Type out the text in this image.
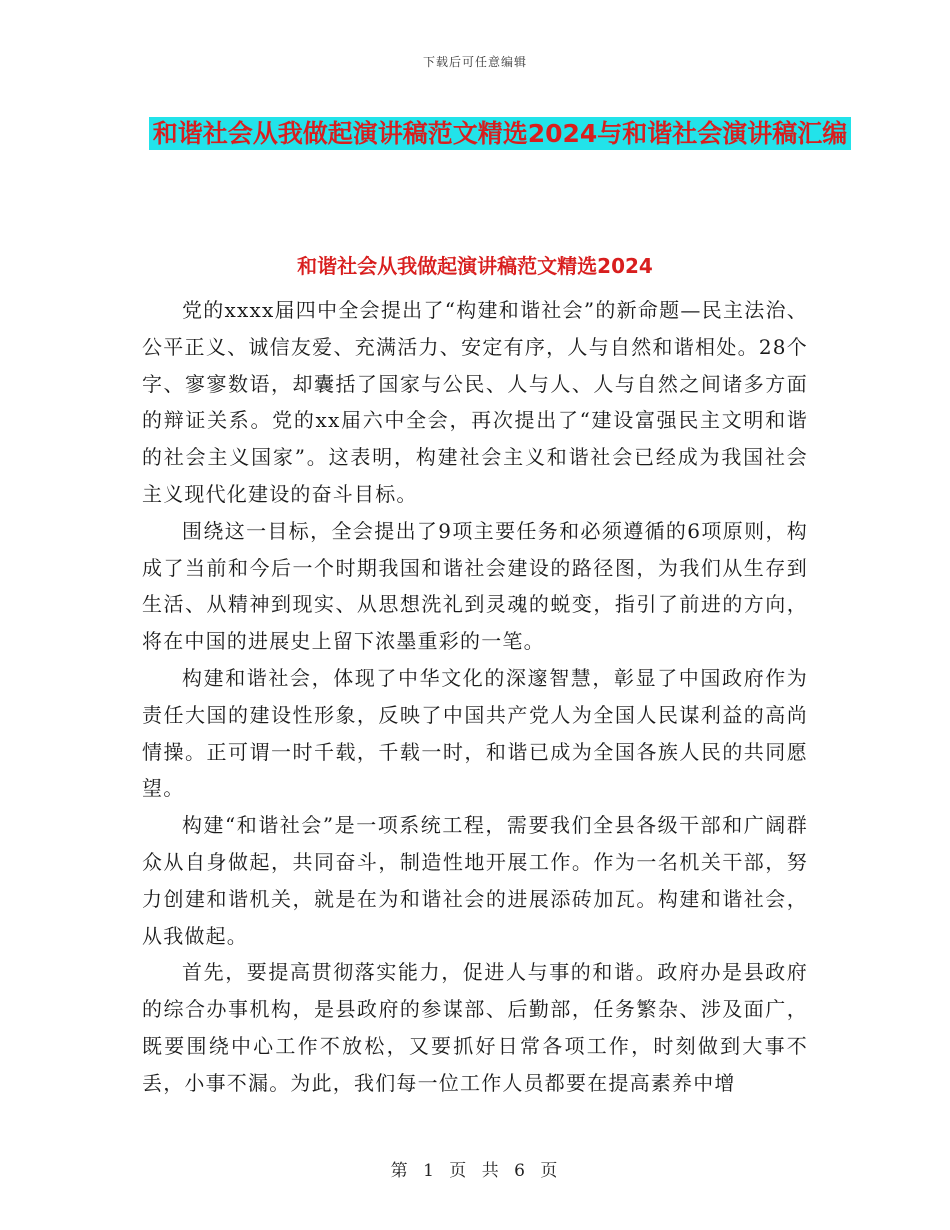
下载后可任意编辑
和谐社会从我做起演讲稿范文精选2024与和谐社会演讲稿汇编
和谐社会从我做起演讲稿范文精选2024

党的xxxx届四中全会提出了“构建和谐社会”的新命题—民主法治、公平正义、诚信友爱、充满活力、安定有序，人与自然和谐相处。28个字、寥寥数语，却囊括了国家与公民、人与人、人与自然之间诸多方面的辩证关系。党的xx届六中全会，再次提出了“建设富强民主文明和谐的社会主义国家”。这表明，构建社会主义和谐社会已经成为我国社会主义现代化建设的奋斗目标。

围绕这一目标，全会提出了9项主要任务和必须遵循的6项原则，构成了当前和今后一个时期我国和谐社会建设的路径图，为我们从生存到生活、从精神到现实、从思想洗礼到灵魂的蜕变，指引了前进的方向，将在中国的进展史上留下浓墨重彩的一笔。

构建和谐社会，体现了中华文化的深邃智慧，彰显了中国政府作为责任大国的建设性形象，反映了中国共产党人为全国人民谋利益的高尚情操。正可谓一时千载，千载一时，和谐已成为全国各族人民的共同愿望。

构建“和谐社会”是一项系统工程，需要我们全县各级干部和广阔群众从自身做起，共同奋斗，制造性地开展工作。作为一名机关干部，努力创建和谐机关，就是在为和谐社会的进展添砖加瓦。构建和谐社会，从我做起。

首先，要提高贯彻落实能力，促进人与事的和谐。政府办是县政府的综合办事机构，是县政府的参谋部、后勤部，任务繁杂、涉及面广，既要围绕中心工作不放松，又要抓好日常各项工作，时刻做到大事不丢，小事不漏。为此，我们每一位工作人员都要在提高素养中增

第 1 页 共 6 页
